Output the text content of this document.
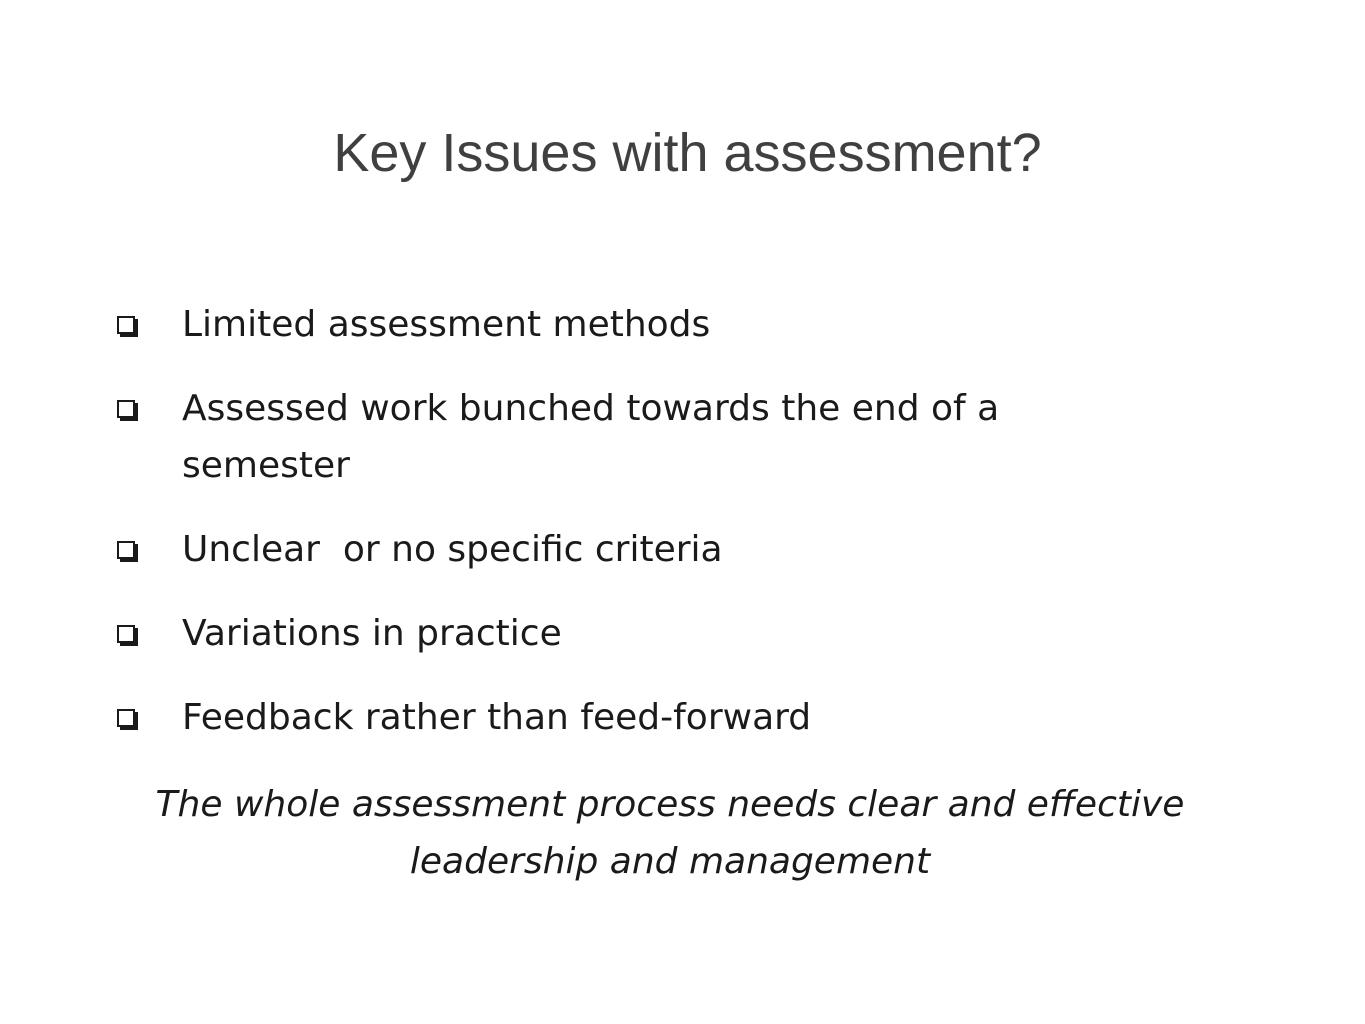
Key Issues with assessment?
Limited assessment methods
Assessed work bunched towards the end of a semester
Unclear  or no specific criteria
Variations in practice
Feedback rather than feed-forward

The whole assessment process needs clear and effective leadership and management
